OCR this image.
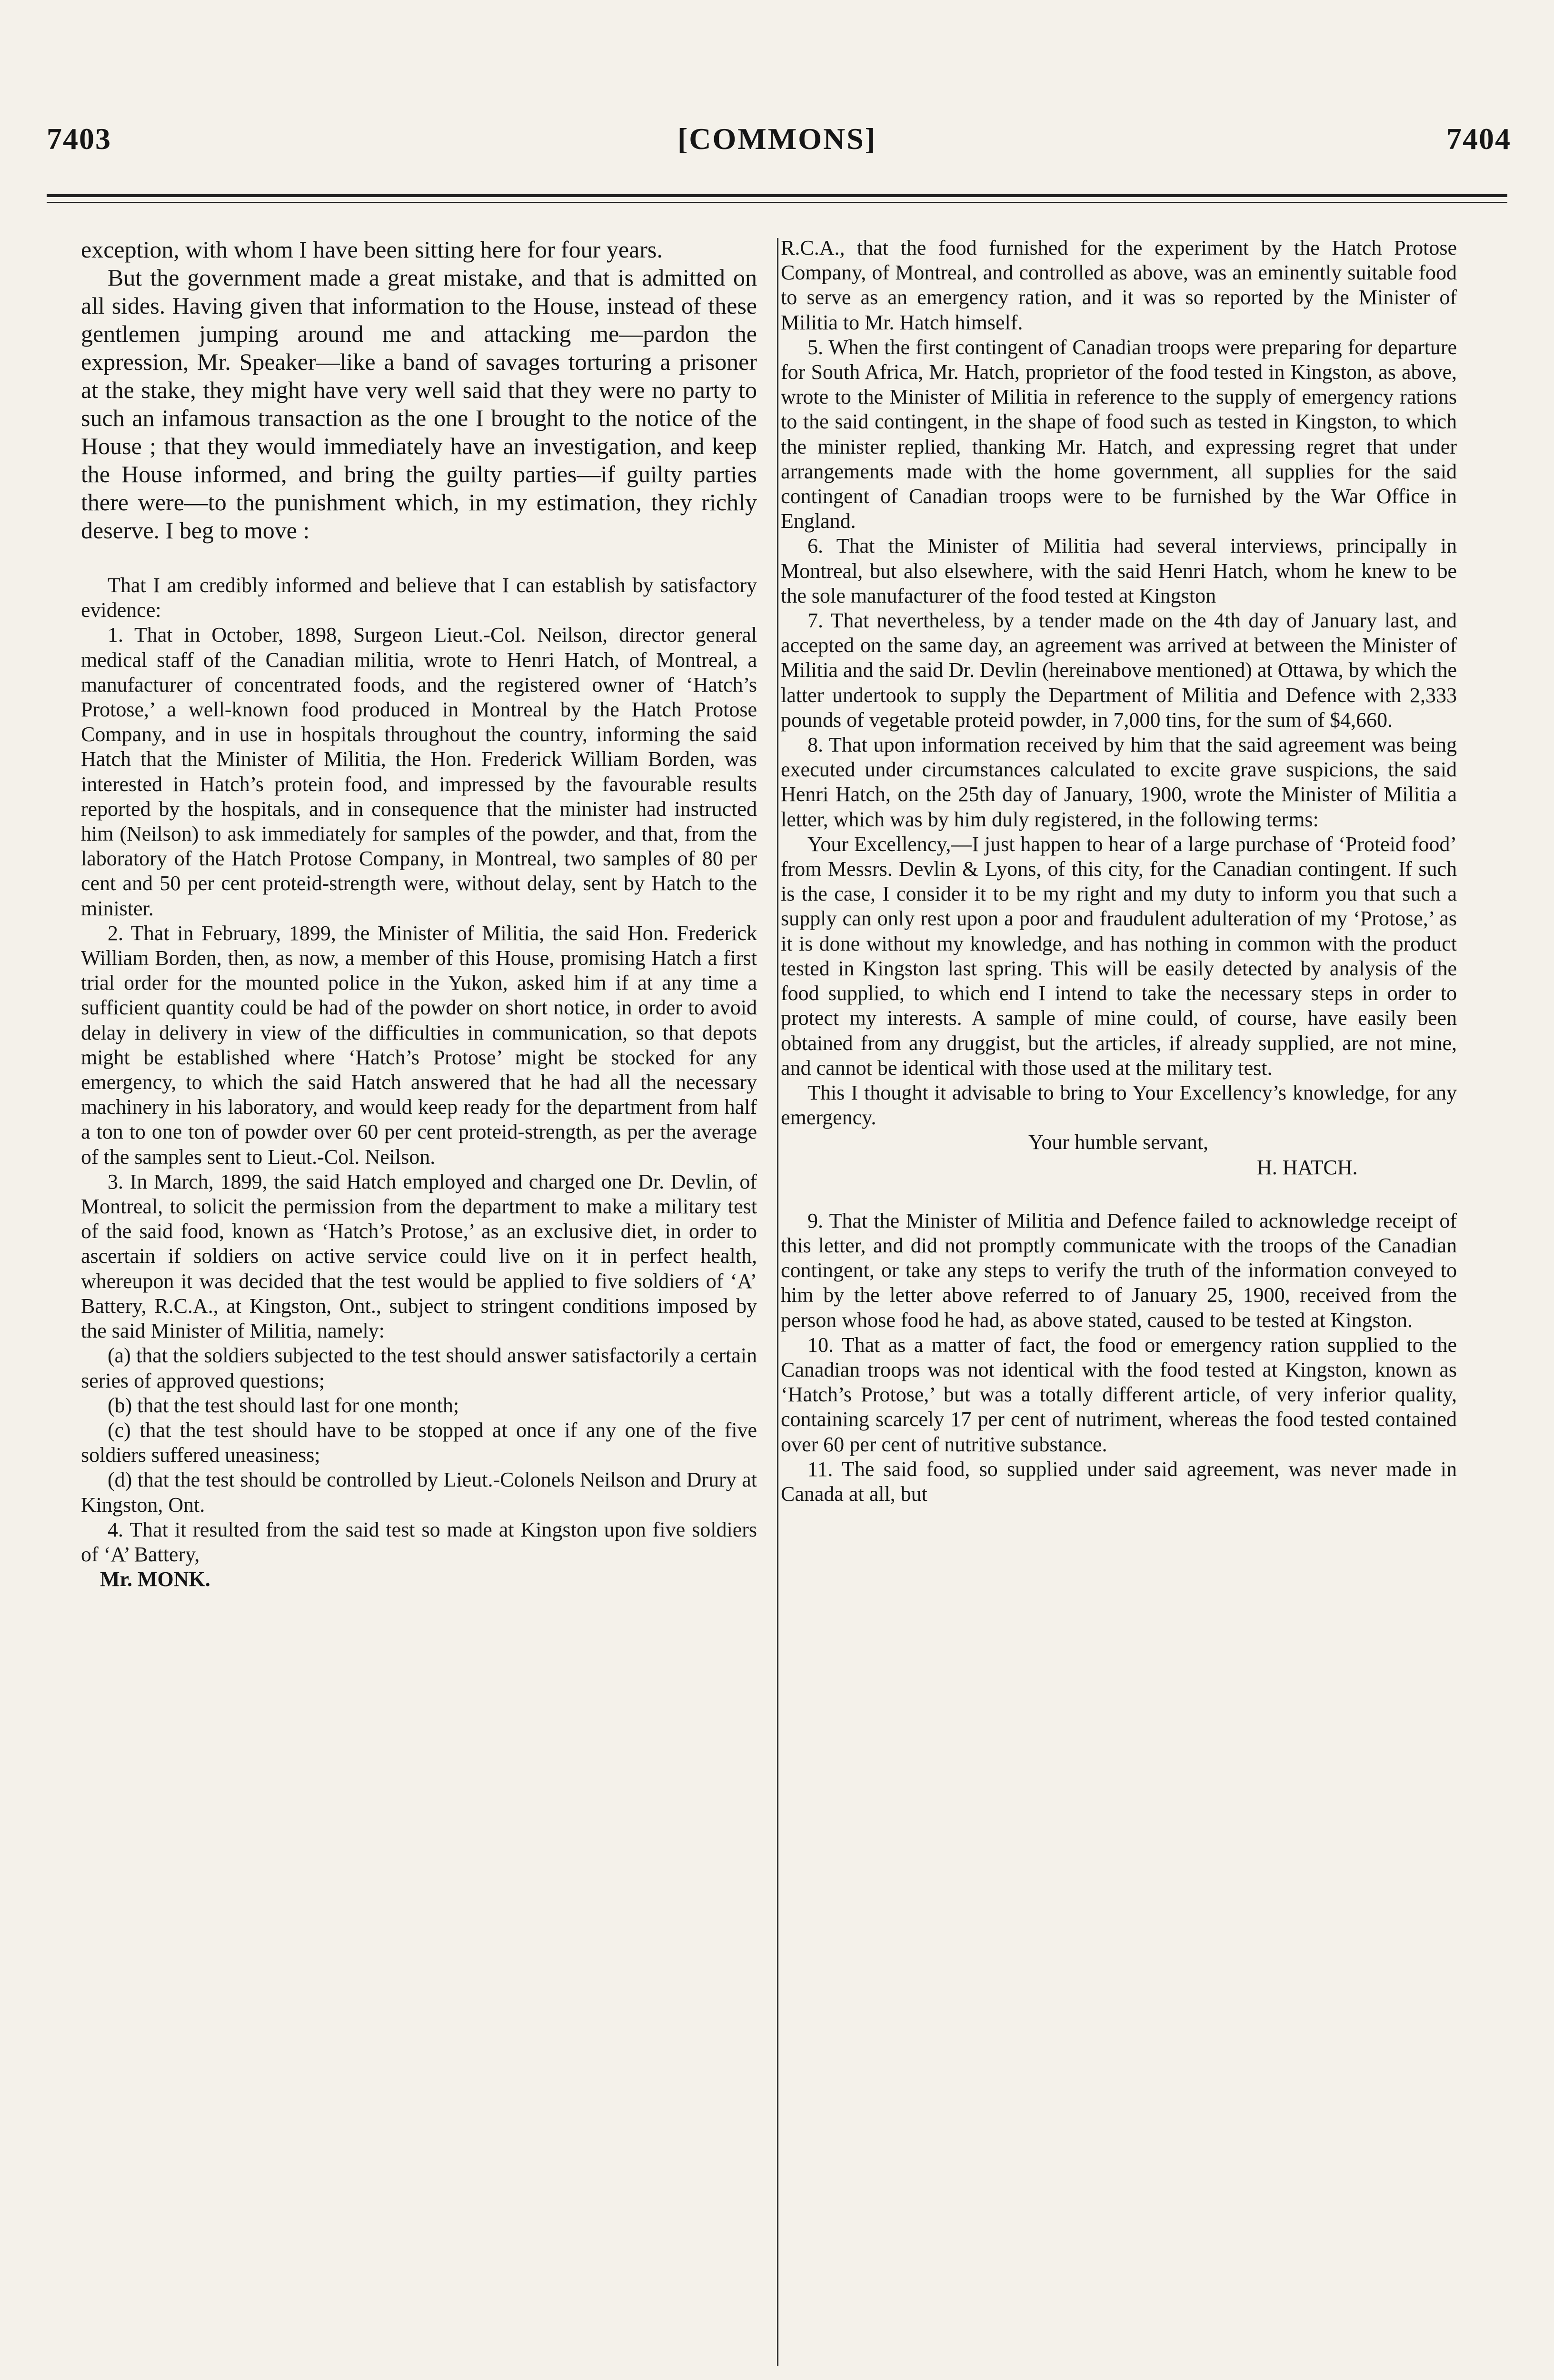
7403	[COMMONS]	7404

exception, with whom I have been sitting here for four years.

But the government made a great mistake, and that is admitted on all sides. Having given that information to the House, instead of these gentlemen jumping around me and attacking me—pardon the expression, Mr. Speaker—like a band of savages torturing a prisoner at the stake, they might have very well said that they were no party to such an infamous transaction as the one I brought to the notice of the House ; that they would immediately have an investigation, and keep the House informed, and bring the guilty parties—if guilty parties there were—to the punishment which, in my estimation, they richly deserve. I beg to move :

That I am credibly informed and believe that I can establish by satisfactory evidence:

1. That in October, 1898, Surgeon Lieut.-Col. Neilson, director general medical staff of the Canadian militia, wrote to Henri Hatch, of Montreal, a manufacturer of concentrated foods, and the registered owner of ‘Hatch’s Protose,’ a well-known food produced in Montreal by the Hatch Protose Company, and in use in hospitals throughout the country, informing the said Hatch that the Minister of Militia, the Hon. Frederick William Borden, was interested in Hatch’s protein food, and impressed by the favourable results reported by the hospitals, and in consequence that the minister had instructed him (Neilson) to ask immediately for samples of the powder, and that, from the laboratory of the Hatch Protose Company, in Montreal, two samples of 80 per cent and 50 per cent proteid-strength were, without delay, sent by Hatch to the minister.

2. That in February, 1899, the Minister of Militia, the said Hon. Frederick William Borden, then, as now, a member of this House, promising Hatch a first trial order for the mounted police in the Yukon, asked him if at any time a sufficient quantity could be had of the powder on short notice, in order to avoid delay in delivery in view of the difficulties in communication, so that depots might be established where ‘Hatch’s Protose’ might be stocked for any emergency, to which the said Hatch answered that he had all the necessary machinery in his laboratory, and would keep ready for the department from half a ton to one ton of powder over 60 per cent proteid-strength, as per the average of the samples sent to Lieut.-Col. Neilson.

3. In March, 1899, the said Hatch employed and charged one Dr. Devlin, of Montreal, to solicit the permission from the department to make a military test of the said food, known as ‘Hatch’s Protose,’ as an exclusive diet, in order to ascertain if soldiers on active service could live on it in perfect health, whereupon it was decided that the test would be applied to five soldiers of ‘A’ Battery, R.C.A., at Kingston, Ont., subject to stringent conditions imposed by the said Minister of Militia, namely:

(a) that the soldiers subjected to the test should answer satisfactorily a certain series of approved questions;

(b) that the test should last for one month;

(c) that the test should have to be stopped at once if any one of the five soldiers suffered uneasiness;

(d) that the test should be controlled by Lieut.-Colonels Neilson and Drury at Kingston, Ont.

4. That it resulted from the said test so made at Kingston upon five soldiers of ‘A’ Battery,

Mr. MONK.

R.C.A., that the food furnished for the experiment by the Hatch Protose Company, of Montreal, and controlled as above, was an eminently suitable food to serve as an emergency ration, and it was so reported by the Minister of Militia to Mr. Hatch himself.

5. When the first contingent of Canadian troops were preparing for departure for South Africa, Mr. Hatch, proprietor of the food tested in Kingston, as above, wrote to the Minister of Militia in reference to the supply of emergency rations to the said contingent, in the shape of food such as tested in Kingston, to which the minister replied, thanking Mr. Hatch, and expressing regret that under arrangements made with the home government, all supplies for the said contingent of Canadian troops were to be furnished by the War Office in England.

6. That the Minister of Militia had several interviews, principally in Montreal, but also elsewhere, with the said Henri Hatch, whom he knew to be the sole manufacturer of the food tested at Kingston

7. That nevertheless, by a tender made on the 4th day of January last, and accepted on the same day, an agreement was arrived at between the Minister of Militia and the said Dr. Devlin (hereinabove mentioned) at Ottawa, by which the latter undertook to supply the Department of Militia and Defence with 2,333 pounds of vegetable proteid powder, in 7,000 tins, for the sum of $4,660.

8. That upon information received by him that the said agreement was being executed under circumstances calculated to excite grave suspicions, the said Henri Hatch, on the 25th day of January, 1900, wrote the Minister of Militia a letter, which was by him duly registered, in the following terms:

Your Excellency,—I just happen to hear of a large purchase of ‘Proteid food’ from Messrs. Devlin & Lyons, of this city, for the Canadian contingent. If such is the case, I consider it to be my right and my duty to inform you that such a supply can only rest upon a poor and fraudulent adulteration of my ‘Protose,’ as it is done without my knowledge, and has nothing in common with the product tested in Kingston last spring. This will be easily detected by analysis of the food supplied, to which end I intend to take the necessary steps in order to protect my interests. A sample of mine could, of course, have easily been obtained from any druggist, but the articles, if already supplied, are not mine, and cannot be identical with those used at the military test.

This I thought it advisable to bring to Your Excellency’s knowledge, for any emergency.

Your humble servant,

H. HATCH.

9. That the Minister of Militia and Defence failed to acknowledge receipt of this letter, and did not promptly communicate with the troops of the Canadian contingent, or take any steps to verify the truth of the information conveyed to him by the letter above referred to of January 25, 1900, received from the person whose food he had, as above stated, caused to be tested at Kingston.

10. That as a matter of fact, the food or emergency ration supplied to the Canadian troops was not identical with the food tested at Kingston, known as ‘Hatch’s Protose,’ but was a totally different article, of very inferior quality, containing scarcely 17 per cent of nutriment, whereas the food tested contained over 60 per cent of nutritive substance.

11. The said food, so supplied under said agreement, was never made in Canada at all, but
